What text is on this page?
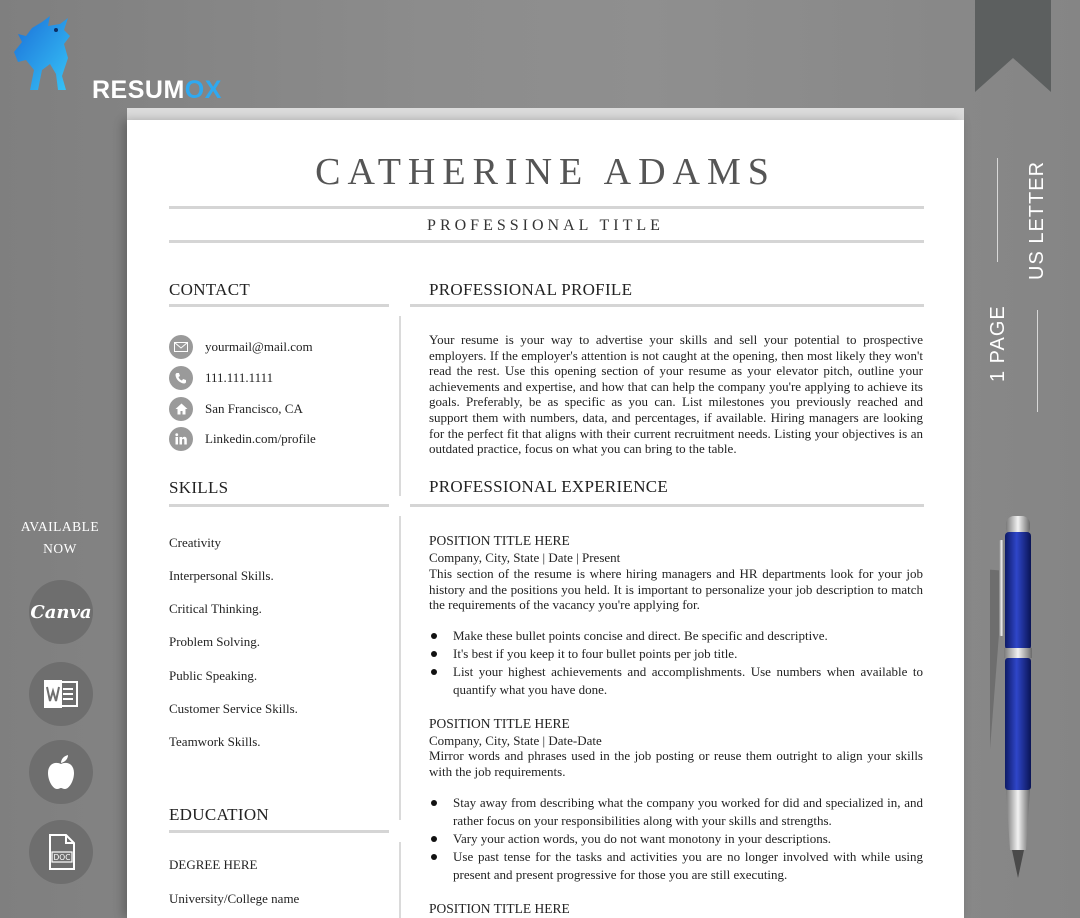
RESUMOX
US LETTER
1 PAGE
AVAILABLE
NOW
Canva
DOC
CATHERINE ADAMS
PROFESSIONAL TITLE
CONTACT
yourmail@mail.com
111.111.1111
San Francisco, CA
Linkedin.com/profile
SKILLS
Creativity
Interpersonal Skills.
Critical Thinking.
Problem Solving.
Public Speaking.
Customer Service Skills.
Teamwork Skills.
EDUCATION
DEGREE HERE
University/College name
PROFESSIONAL PROFILE
Your resume is your way to advertise your skills and sell your potential to prospective employers. If the employer's attention is not caught at the opening, then most likely they won't read the rest. Use this opening section of your resume as your elevator pitch, outline your achievements and expertise, and how that can help the company you're applying to achieve its goals. Preferably, be as specific as you can. List milestones you previously reached and support them with numbers, data, and percentages, if available. Hiring managers are looking for the perfect fit that aligns with their current recruitment needs. Listing your objectives is an outdated practice, focus on what you can bring to the table.
PROFESSIONAL EXPERIENCE
POSITION TITLE HERE
Company, City, State | Date | Present
This section of the resume is where hiring managers and HR departments look for your job history and the positions you held. It is important to personalize your job description to match the requirements of the vacancy you're applying for.
Make these bullet points concise and direct. Be specific and descriptive.
It's best if you keep it to four bullet points per job title.
List your highest achievements and accomplishments. Use numbers when available to quantify what you have done.
POSITION TITLE HERE
Company, City, State | Date-Date
Mirror words and phrases used in the job posting or reuse them outright to align your skills with the job requirements.
Stay away from describing what the company you worked for did and specialized in, and rather focus on your responsibilities along with your skills and strengths.
Vary your action words, you do not want monotony in your descriptions.
Use past tense for the tasks and activities you are no longer involved with while using present and present progressive for those you are still executing.
POSITION TITLE HERE
